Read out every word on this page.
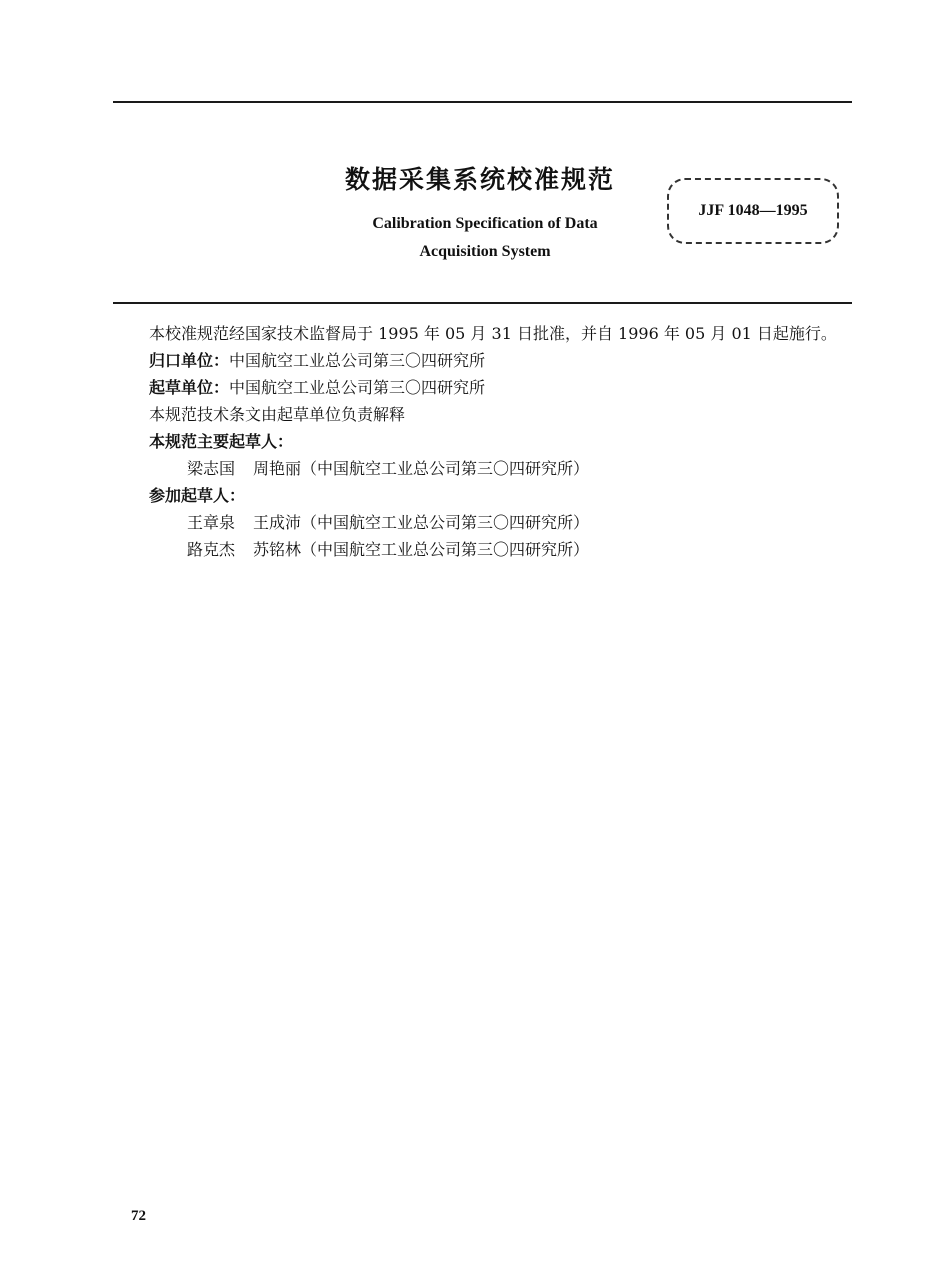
数据采集系统校准规范
Calibration Specification of Data
Acquisition System
JJF 1048—1995

本校准规范经国家技术监督局于 1995 年 05 月 31 日批准，并自 1996 年 05 月 01 日起施行。

归口单位：中国航空工业总公司第三〇四研究所

起草单位：中国航空工业总公司第三〇四研究所

本规范技术条文由起草单位负责解释

本规范主要起草人：

梁志国 周艳丽（中国航空工业总公司第三〇四研究所）

参加起草人：

王章泉 王成沛（中国航空工业总公司第三〇四研究所）

路克杰 苏铭林（中国航空工业总公司第三〇四研究所）

72
